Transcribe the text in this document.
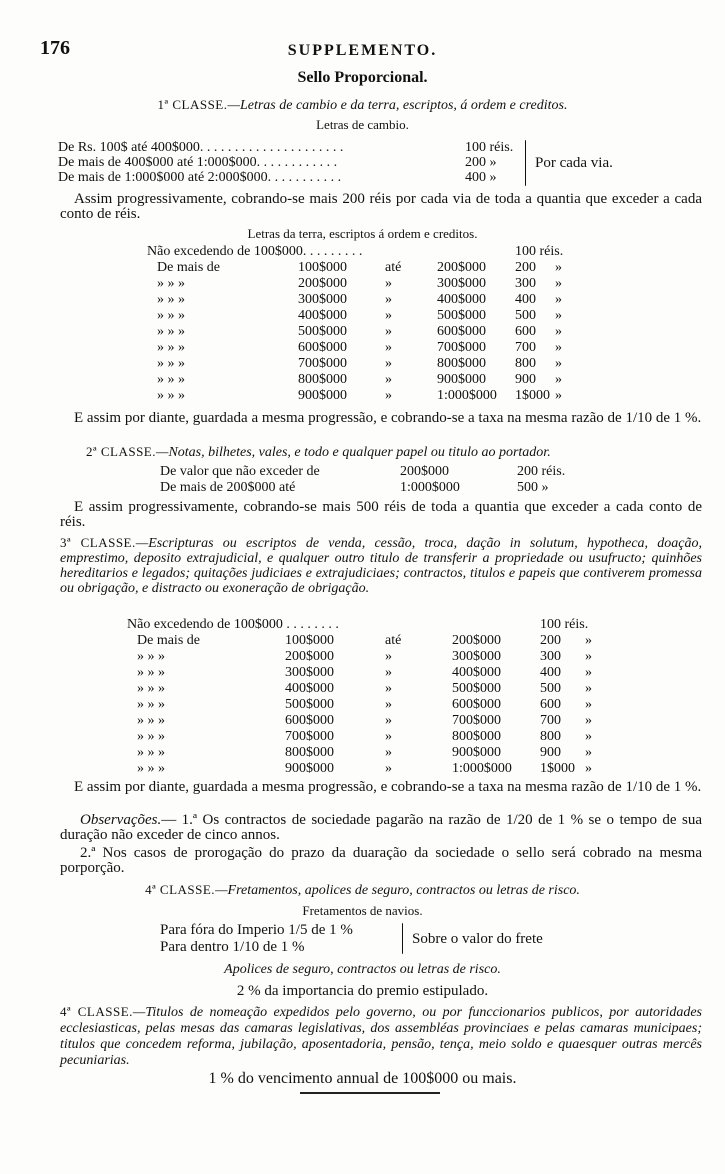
176	SUPPLEMENTO.
Sello Proporcional.
1ª CLASSE.—Letras de cambio e da terra, escriptos, á ordem e creditos.
Letras de cambio.
Por cada via.
Assim progressivamente, cobrando-se mais 200 réis por cada via de toda a quantia que exceder a cada conto de réis.
Letras da terra, escriptos á ordem e creditos.
E assim por diante, guardada a mesma progressão, e cobrando-se a taxa na mesma razão de 1/10 de 1 %.
2ª CLASSE.—Notas, bilhetes, vales, e todo e qualquer papel ou titulo ao portador.
E assim progressivamente, cobrando-se mais 500 réis de toda a quantia que exceder a cada conto de réis.
3ª CLASSE.—Escripturas ou escriptos de venda, cessão, troca, dação in solutum, hypotheca, doação, emprestimo, deposito extrajudicial, e qualquer outro titulo de transferir a propriedade ou usufructo; quinhões hereditarios e legados; quitações judiciaes e extrajudiciaes; contractos, titulos e papeis que contiverem promessa ou obrigação, e distracto ou exoneração de obrigação.
E assim por diante, guardada a mesma progressão, e cobrando-se a taxa na mesma razão de 1/10 de 1 %.
Observações.— 1.ª Os contractos de sociedade pagarão na razão de 1/20 de 1 % se o tempo de sua duração não exceder de cinco annos.
2.ª Nos casos de prorogação do prazo da duaração da sociedade o sello será cobrado na mesma porporção.
4ª CLASSE.—Fretamentos, apolices de seguro, contractos ou letras de risco.
Fretamentos de navios.
Para fóra do Imperio 1/5 de 1 %
Para dentro 1/10 de 1 %	Sobre o valor do frete
Apolices de seguro, contractos ou letras de risco.
2 % da importancia do premio estipulado.
4ª CLASSE.—Titulos de nomeação expedidos pelo governo, ou por funccionarios publicos, por autoridades ecclesiasticas, pelas mesas das camaras legislativas, dos assembléas provinciaes e pelas camaras municipaes; titulos que concedem reforma, jubilação, aposentadoria, pensão, tença, meio soldo e quaesquer outras mercês pecuniarias.
1 % do vencimento annual de 100$000 ou mais.
De Rs. 100$ até 400$000. . . . . . . . . . . . . . . . . . . . .	100 réis.
De mais de 400$000 até 1:000$000. . . . . . . . . . . .	200 »
De mais de 1:000$000 até 2:000$000. . . . . . . . . . .	400 »
Não excedendo de 100$000. . . . . . . . .	100 réis.
De mais de	100$000	até	200$000 200 »
» » »	200$000	»	300$000 300 »
» » »	300$000	»	400$000 400 »
» » »	400$000	»	500$000 500 »
» » »	500$000	»	600$000 600 »
» » »	600$000	»	700$000 700 »
» » »	700$000	»	800$000 800 »
» » »	800$000	»	900$000 900 »
» » »	900$000	»	1:000$000 1$000 »
De valor que não exceder de	200$000	200 réis.
De mais de 200$000 até	1:000$000	500 »
Não excedendo de 100$000 . . . . . . . .	100 réis.
De mais de	100$000	até	200$000	200 »
» » »	200$000	»	300$000	300 »
» » »	300$000	»	400$000	400 »
» » »	400$000	»	500$000	500 »
» » »	500$000	»	600$000	600 »
» » »	600$000	»	700$000	700 »
» » »	700$000	»	800$000	800 »
» » »	800$000	»	900$000	900 »
» » »	900$000	»	1:000$000 1$000 »
